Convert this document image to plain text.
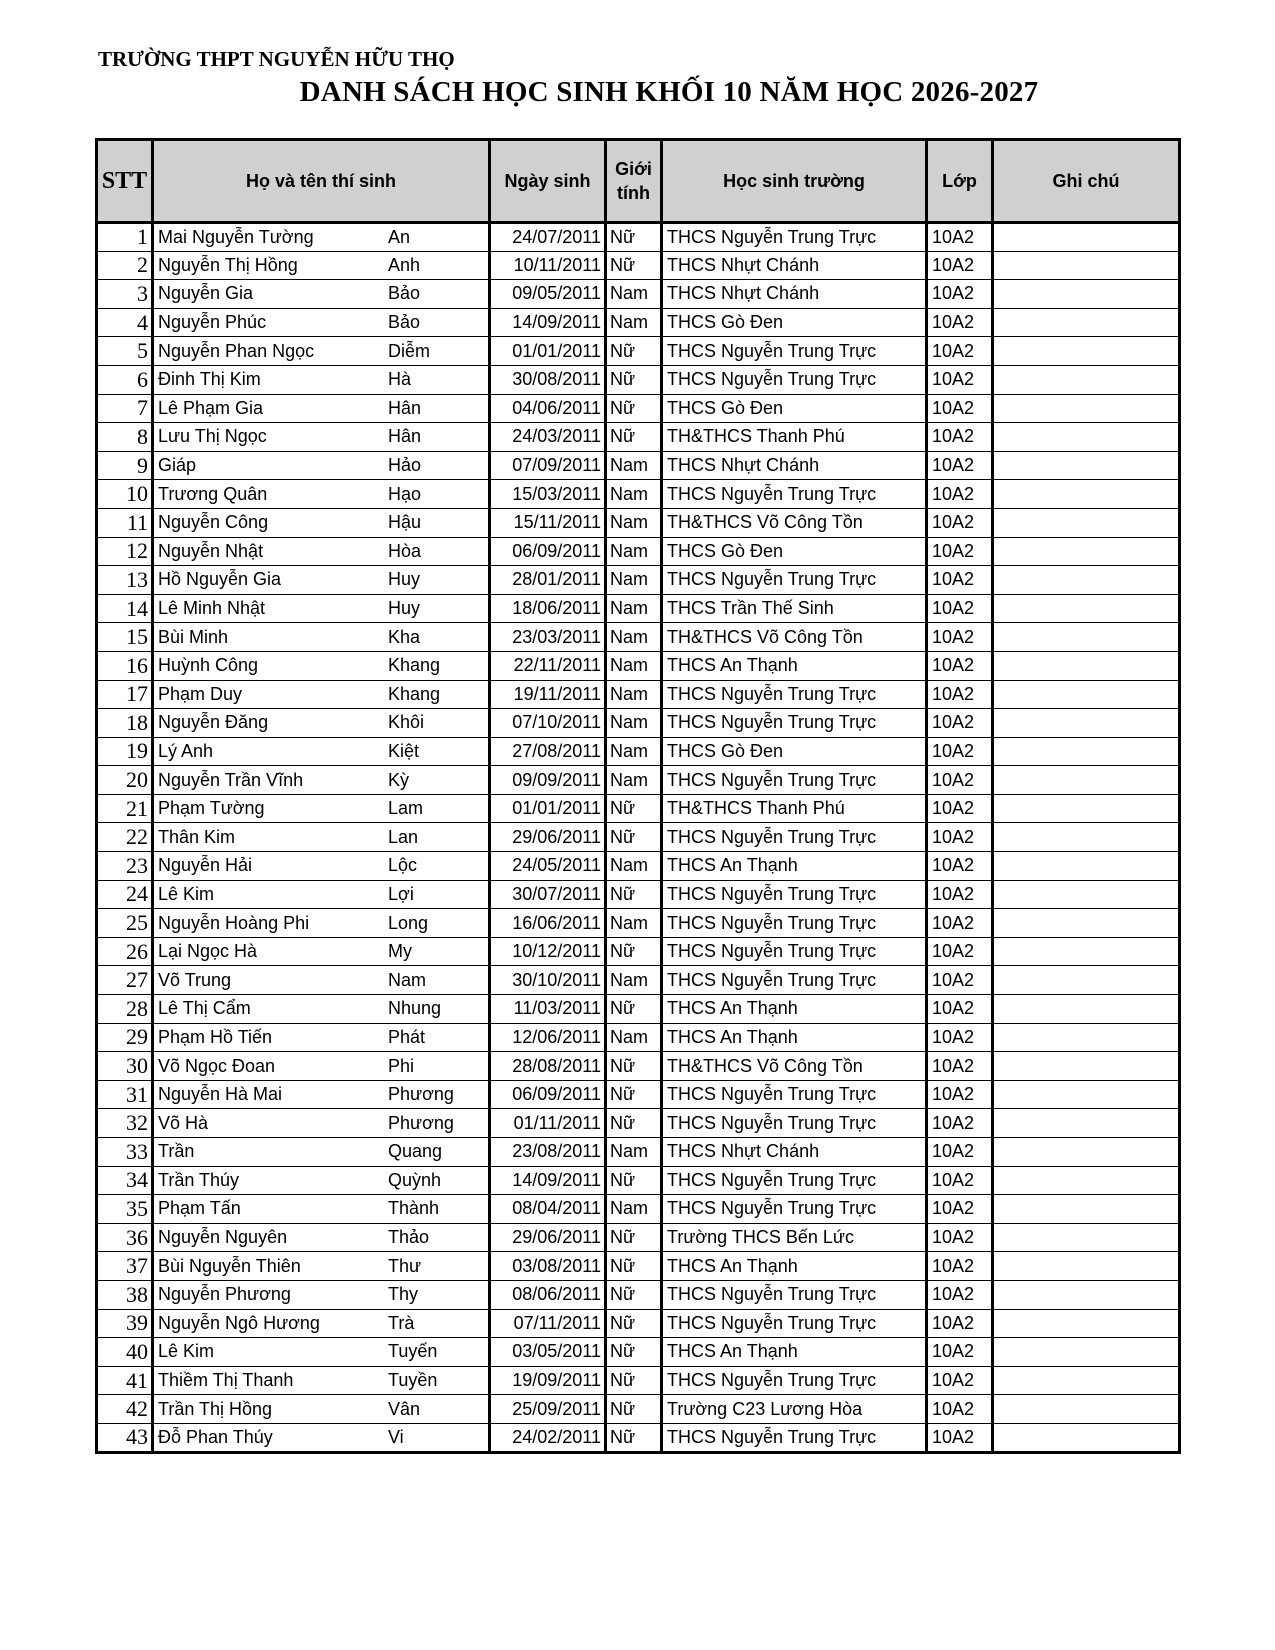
TRƯỜNG THPT NGUYỄN HỮU THỌ
DANH SÁCH HỌC SINH KHỐI 10 NĂM HỌC 2026-2027
STT	Họ và tên thí sinh	Ngày sinh	Giới tính	Học sinh trường	Lớp	Ghi chú
1	Mai Nguyễn Tường An	24/07/2011	Nữ	THCS Nguyễn Trung Trực	10A2	
2	Nguyễn Thị Hồng Anh	10/11/2011	Nữ	THCS Nhựt Chánh	10A2	
3	Nguyễn Gia Bảo	09/05/2011	Nam	THCS Nhựt Chánh	10A2	
4	Nguyễn Phúc Bảo	14/09/2011	Nam	THCS Gò Đen	10A2	
5	Nguyễn Phan Ngọc Diễm	01/01/2011	Nữ	THCS Nguyễn Trung Trực	10A2	
6	Đinh Thị Kim Hà	30/08/2011	Nữ	THCS Nguyễn Trung Trực	10A2	
7	Lê Phạm Gia Hân	04/06/2011	Nữ	THCS Gò Đen	10A2	
8	Lưu Thị Ngọc Hân	24/03/2011	Nữ	TH&THCS Thanh Phú	10A2	
9	Giáp Hảo	07/09/2011	Nam	THCS Nhựt Chánh	10A2	
10	Trương Quân Hạo	15/03/2011	Nam	THCS Nguyễn Trung Trực	10A2	
11	Nguyễn Công Hậu	15/11/2011	Nam	TH&THCS Võ Công Tồn	10A2	
12	Nguyễn Nhật Hòa	06/09/2011	Nam	THCS Gò Đen	10A2	
13	Hồ Nguyễn Gia Huy	28/01/2011	Nam	THCS Nguyễn Trung Trực	10A2	
14	Lê Minh Nhật Huy	18/06/2011	Nam	THCS Trần Thế Sinh	10A2	
15	Bùi Minh Kha	23/03/2011	Nam	TH&THCS Võ Công Tồn	10A2	
16	Huỳnh Công Khang	22/11/2011	Nam	THCS An Thạnh	10A2	
17	Phạm Duy Khang	19/11/2011	Nam	THCS Nguyễn Trung Trực	10A2	
18	Nguyễn Đăng Khôi	07/10/2011	Nam	THCS Nguyễn Trung Trực	10A2	
19	Lý Anh Kiệt	27/08/2011	Nam	THCS Gò Đen	10A2	
20	Nguyễn Trần Vĩnh Kỳ	09/09/2011	Nam	THCS Nguyễn Trung Trực	10A2	
21	Phạm Tường Lam	01/01/2011	Nữ	TH&THCS Thanh Phú	10A2	
22	Thân Kim Lan	29/06/2011	Nữ	THCS Nguyễn Trung Trực	10A2	
23	Nguyễn Hải Lộc	24/05/2011	Nam	THCS An Thạnh	10A2	
24	Lê Kim Lợi	30/07/2011	Nữ	THCS Nguyễn Trung Trực	10A2	
25	Nguyễn Hoàng Phi Long	16/06/2011	Nam	THCS Nguyễn Trung Trực	10A2	
26	Lại Ngọc Hà My	10/12/2011	Nữ	THCS Nguyễn Trung Trực	10A2	
27	Võ Trung Nam	30/10/2011	Nam	THCS Nguyễn Trung Trực	10A2	
28	Lê Thị Cẩm Nhung	11/03/2011	Nữ	THCS An Thạnh	10A2	
29	Phạm Hồ Tiến Phát	12/06/2011	Nam	THCS An Thạnh	10A2	
30	Võ Ngọc Đoan Phi	28/08/2011	Nữ	TH&THCS Võ Công Tồn	10A2	
31	Nguyễn Hà Mai Phương	06/09/2011	Nữ	THCS Nguyễn Trung Trực	10A2	
32	Võ Hà Phương	01/11/2011	Nữ	THCS Nguyễn Trung Trực	10A2	
33	Trần Quang	23/08/2011	Nam	THCS Nhựt Chánh	10A2	
34	Trần Thúy Quỳnh	14/09/2011	Nữ	THCS Nguyễn Trung Trực	10A2	
35	Phạm Tấn Thành	08/04/2011	Nam	THCS Nguyễn Trung Trực	10A2	
36	Nguyễn Nguyên Thảo	29/06/2011	Nữ	Trường THCS Bến Lức	10A2	
37	Bùi Nguyễn Thiên Thư	03/08/2011	Nữ	THCS An Thạnh	10A2	
38	Nguyễn Phương Thy	08/06/2011	Nữ	THCS Nguyễn Trung Trực	10A2	
39	Nguyễn Ngô Hương Trà	07/11/2011	Nữ	THCS Nguyễn Trung Trực	10A2	
40	Lê Kim Tuyến	03/05/2011	Nữ	THCS An Thạnh	10A2	
41	Thiềm Thị Thanh Tuyền	19/09/2011	Nữ	THCS Nguyễn Trung Trực	10A2	
42	Trần Thị Hồng Vân	25/09/2011	Nữ	Trường C23 Lương Hòa	10A2	
43	Đỗ Phan Thúy Vi	24/02/2011	Nữ	THCS Nguyễn Trung Trực	10A2	
